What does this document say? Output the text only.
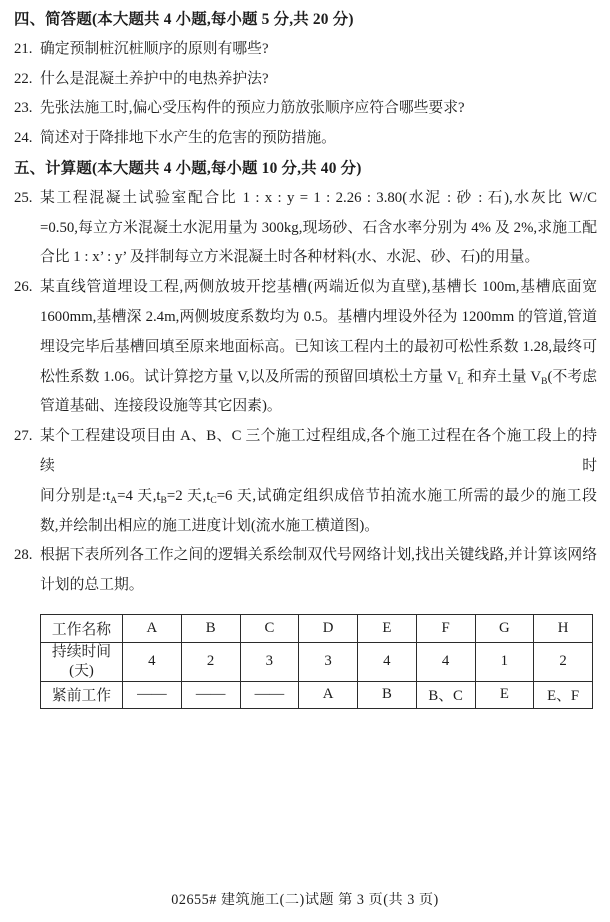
四、简答题(本大题共 4 小题,每小题 5 分,共 20 分)
21. 确定预制桩沉桩顺序的原则有哪些?
22. 什么是混凝土养护中的电热养护法?
23. 先张法施工时,偏心受压构件的预应力筋放张顺序应符合哪些要求?
24. 简述对于降排地下水产生的危害的预防措施。
五、计算题(本大题共 4 小题,每小题 10 分,共 40 分)
25. 某工程混凝土试验室配合比 1 : x : y = 1 : 2.26 : 3.80(水泥 : 砂 : 石),水灰比 W/C
=0.50,每立方米混凝土水泥用量为 300kg,现场砂、石含水率分别为 4% 及 2%,求施工配
合比 1 : x’ : y’ 及拌制每立方米混凝土时各种材料(水、水泥、砂、石)的用量。
26. 某直线管道埋设工程,两侧放坡开挖基槽(两端近似为直壁),基槽长 100m,基槽底面宽
1600mm,基槽深 2.4m,两侧坡度系数均为 0.5。基槽内埋设外径为 1200mm 的管道,管道
埋设完毕后基槽回填至原来地面标高。已知该工程内土的最初可松性系数 1.28,最终可
松性系数 1.06。试计算挖方量 V,以及所需的预留回填松土方量 $V_L$ 和弃土量 $V_B$(不考虑
管道基础、连接段设施等其它因素)。
27. 某个工程建设项目由 A、B、C 三个施工过程组成,各个施工过程在各个施工段上的持续时
间分别是$:t_A=4$ 天$,t_B=2$ 天$,t_C=6$ 天,试确定组织成倍节拍流水施工所需的最少的施工段
数,并绘制出相应的施工进度计划(流水施工横道图)。
28. 根据下表所列各工作之间的逻辑关系绘制双代号网络计划,找出关键线路,并计算该网络
计划的总工期。
工作名称	A	B	C	D	E	F	G	H

持续时间
(天)	4	2	3	3	4	4	1	2
紧前工作	——	——	——	A	B	B、C	E	E、F
02655# 建筑施工(二)试题 第 3 页(共 3 页)
